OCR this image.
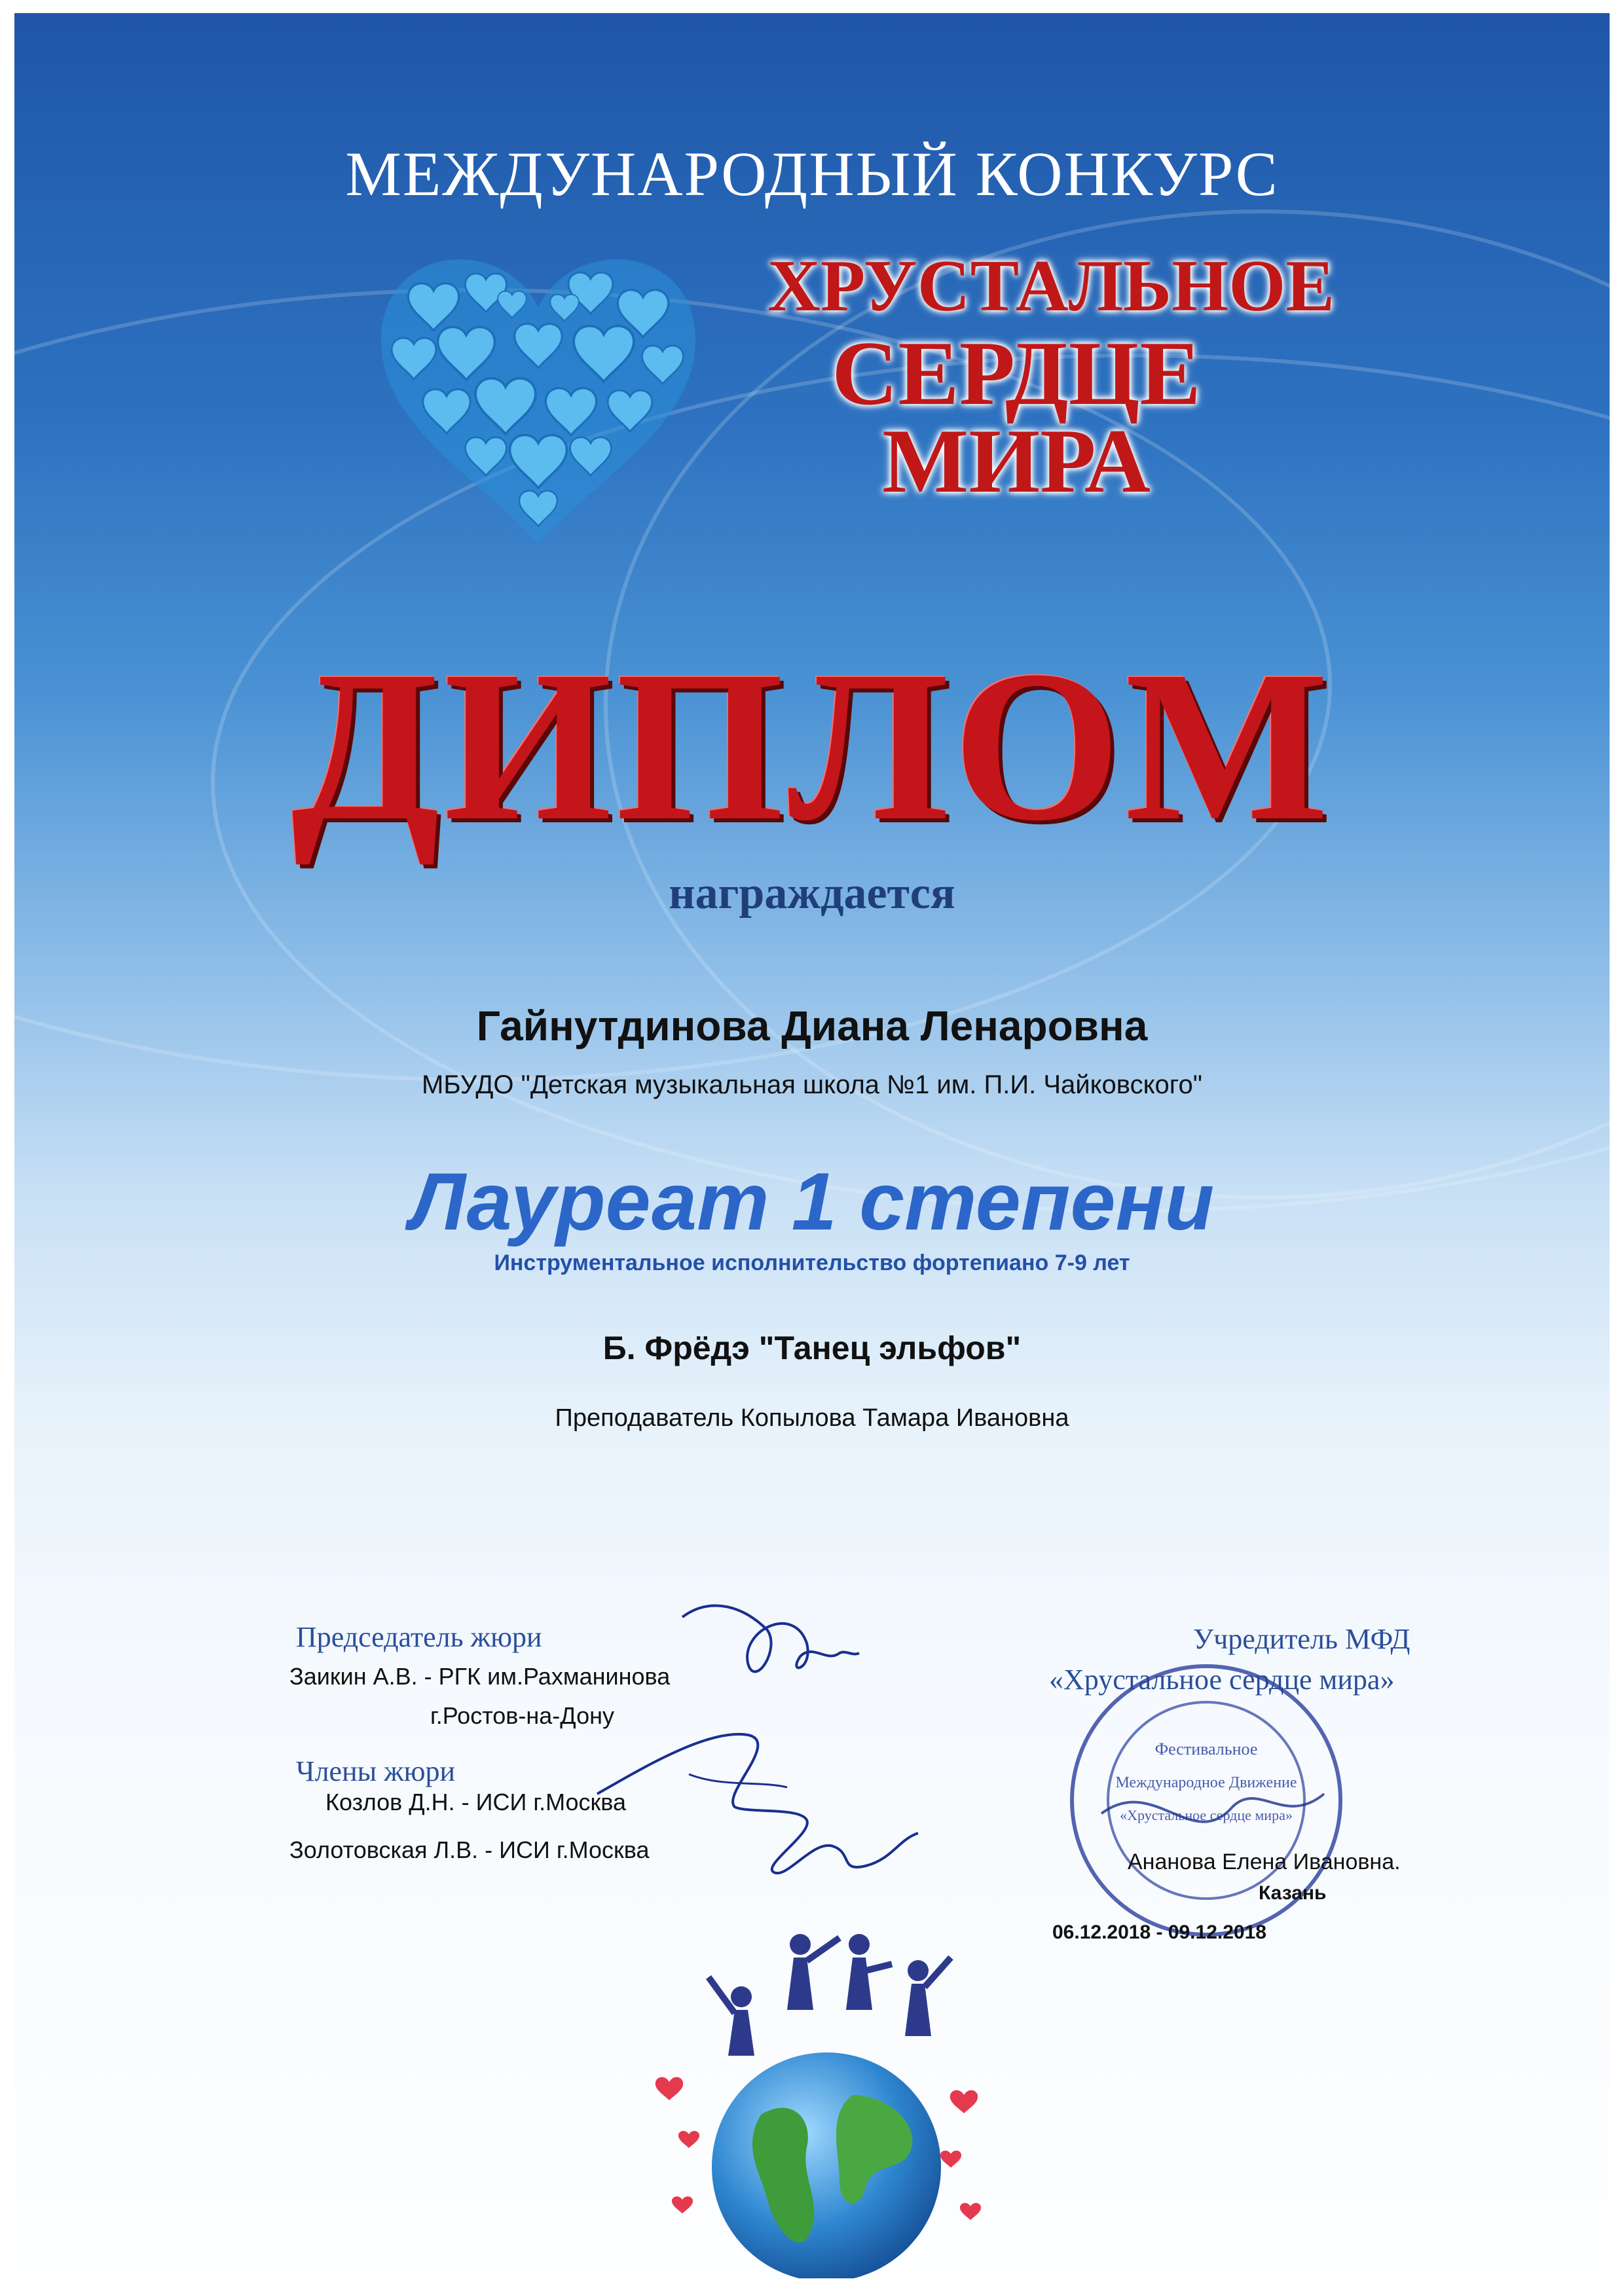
МЕЖДУНАРОДНЫЙ КОНКУРС
ХРУСТАЛЬНОЕ
СЕРДЦЕ
МИРА
ДИПЛОМ
награждается
Гайнутдинова Диана Ленаровна
МБУДО "Детская музыкальная школа №1 им. П.И. Чайковского"
Лауреат 1 степени
Инструментальное исполнительство фортепиано 7-9 лет
Б. Фрёдэ "Танец эльфов"
Преподаватель Копылова Тамара Ивановна
Председатель жюри
Заикин А.В. - РГК им.Рахманинова
г.Ростов-на-Дону
Члены жюри
Козлов Д.Н. - ИСИ г.Москва
Золотовская Л.В. - ИСИ г.Москва
Учредитель МФД
«Хрустальное сердце мира»
Фестивальное
Международное Движение
«Хрустальное сердце мира»
Ананова Елена Ивановна.
Казань
06.12.2018 - 09.12.2018
